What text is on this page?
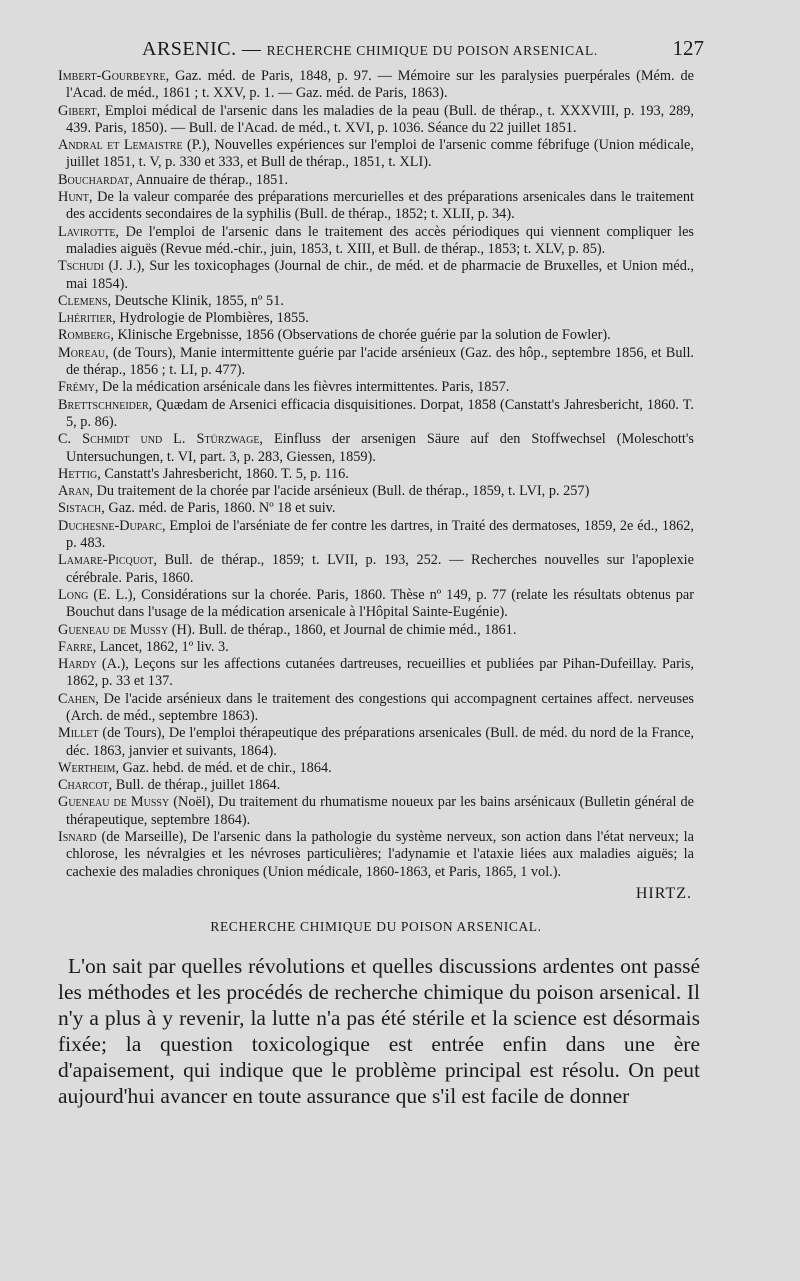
ARSENIC. — RECHERCHE CHIMIQUE DU POISON ARSENICAL.	127

Imbert-Gourbeyre, Gaz. méd. de Paris, 1848, p. 97. — Mémoire sur les paralysies puerpérales (Mém. de l'Acad. de méd., 1861 ; t. XXV, p. 1. — Gaz. méd. de Paris, 1863).

Gibert, Emploi médical de l'arsenic dans les maladies de la peau (Bull. de thérap., t. XXXVIII, p. 193, 289, 439. Paris, 1850). — Bull. de l'Acad. de méd., t. XVI, p. 1036. Séance du 22 juillet 1851.

Andral et Lemaistre (P.), Nouvelles expériences sur l'emploi de l'arsenic comme fébrifuge (Union médicale, juillet 1851, t. V, p. 330 et 333, et Bull de thérap., 1851, t. XLI).

Bouchardat, Annuaire de thérap., 1851.

Hunt, De la valeur comparée des préparations mercurielles et des préparations arsenicales dans le traitement des accidents secondaires de la syphilis (Bull. de thérap., 1852; t. XLII, p. 34).

Lavirotte, De l'emploi de l'arsenic dans le traitement des accès périodiques qui viennent compliquer les maladies aiguës (Revue méd.-chir., juin, 1853, t. XIII, et Bull. de thérap., 1853; t. XLV, p. 85).

Tschudi (J. J.), Sur les toxicophages (Journal de chir., de méd. et de pharmacie de Bruxelles, et Union méd., mai 1854).

Clemens, Deutsche Klinik, 1855, nº 51.

Lhéritier, Hydrologie de Plombières, 1855.

Romberg, Klinische Ergebnisse, 1856 (Observations de chorée guérie par la solution de Fowler).

Moreau, (de Tours), Manie intermittente guérie par l'acide arsénieux (Gaz. des hôp., septembre 1856, et Bull. de thérap., 1856 ; t. LI, p. 477).

Frémy, De la médication arsénicale dans les fièvres intermittentes. Paris, 1857.

Brettschneider, Quædam de Arsenici efficacia disquisitiones. Dorpat, 1858 (Canstatt's Jahresbericht, 1860. T. 5, p. 86).

C. Schmidt und L. Stürzwage, Einfluss der arsenigen Säure auf den Stoffwechsel (Moleschott's Untersuchungen, t. VI, part. 3, p. 283, Giessen, 1859).

Hettig, Canstatt's Jahresbericht, 1860. T. 5, p. 116.

Aran, Du traitement de la chorée par l'acide arsénieux (Bull. de thérap., 1859, t. LVI, p. 257)

Sistach, Gaz. méd. de Paris, 1860. Nº 18 et suiv.

Duchesne-Duparc, Emploi de l'arséniate de fer contre les dartres, in Traité des dermatoses, 1859, 2e éd., 1862, p. 483.

Lamare-Picquot, Bull. de thérap., 1859; t. LVII, p. 193, 252. — Recherches nouvelles sur l'apoplexie cérébrale. Paris, 1860.

Long (E. L.), Considérations sur la chorée. Paris, 1860. Thèse nº 149, p. 77 (relate les résultats obtenus par Bouchut dans l'usage de la médication arsenicale à l'Hôpital Sainte-Eugénie).

Gueneau de Mussy (H). Bull. de thérap., 1860, et Journal de chimie méd., 1861.

Farre, Lancet, 1862, 1º liv. 3.

Hardy (A.), Leçons sur les affections cutanées dartreuses, recueillies et publiées par Pihan-Dufeillay. Paris, 1862, p. 33 et 137.

Cahen, De l'acide arsénieux dans le traitement des congestions qui accompagnent certaines affect. nerveuses (Arch. de méd., septembre 1863).

Millet (de Tours), De l'emploi thérapeutique des préparations arsenicales (Bull. de méd. du nord de la France, déc. 1863, janvier et suivants, 1864).

Wertheim, Gaz. hebd. de méd. et de chir., 1864.

Charcot, Bull. de thérap., juillet 1864.

Gueneau de Mussy (Noël), Du traitement du rhumatisme noueux par les bains arsénicaux (Bulletin général de thérapeutique, septembre 1864).

Isnard (de Marseille), De l'arsenic dans la pathologie du système nerveux, son action dans l'état nerveux; la chlorose, les névralgies et les névroses particulières; l'adynamie et l'ataxie liées aux maladies aiguës; la cachexie des maladies chroniques (Union médicale, 1860-1863, et Paris, 1865, 1 vol.).

HIRTZ.
RECHERCHE CHIMIQUE DU POISON ARSENICAL.

L'on sait par quelles révolutions et quelles discussions ardentes ont passé les méthodes et les procédés de recherche chimique du poison arsenical. Il n'y a plus à y revenir, la lutte n'a pas été stérile et la science est désormais fixée; la question toxicologique est entrée enfin dans une ère d'apaisement, qui indique que le problème principal est résolu. On peut aujourd'hui avancer en toute assurance que s'il est facile de donner
